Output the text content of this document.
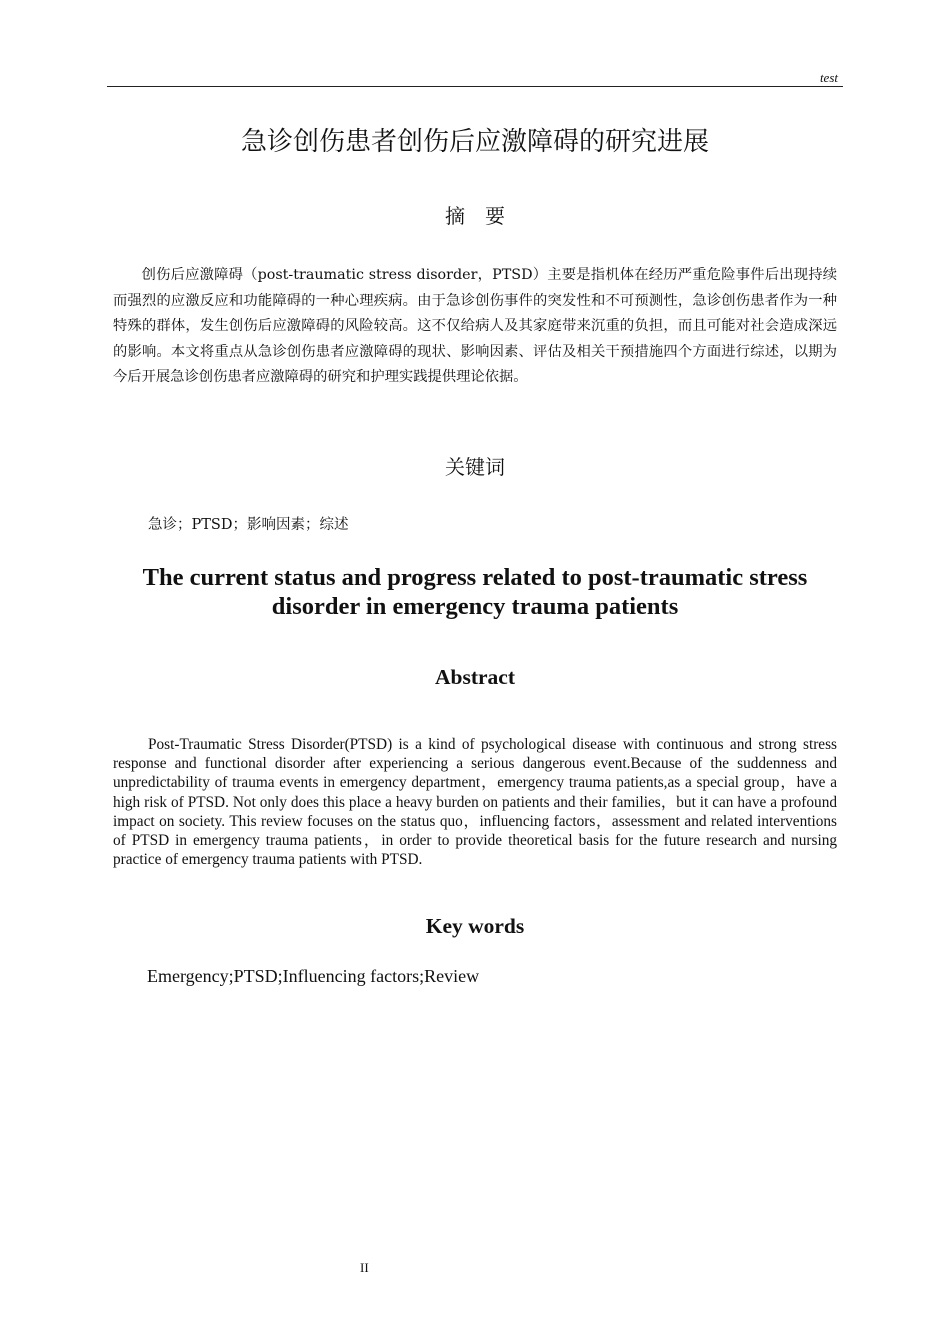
test
急诊创伤患者创伤后应激障碍的研究进展
摘　要

创伤后应激障碍（post-traumatic stress disorder，PTSD）主要是指机体在经历严重危险事件后出现持续而强烈的应激反应和功能障碍的一种心理疾病。由于急诊创伤事件的突发性和不可预测性，急诊创伤患者作为一种特殊的群体，发生创伤后应激障碍的风险较高。这不仅给病人及其家庭带来沉重的负担，而且可能对社会造成深远的影响。本文将重点从急诊创伤患者应激障碍的现状、影响因素、评估及相关干预措施四个方面进行综述，以期为今后开展急诊创伤患者应激障碍的研究和护理实践提供理论依据。

关键词
急诊；PTSD；影响因素；综述
The current status and progress related to post-traumatic stress disorder in emergency trauma patients
Abstract

Post-Traumatic Stress Disorder(PTSD) is a kind of psychological disease with continuous and strong stress response and functional disorder after experiencing a serious dangerous event.Because of the suddenness and unpredictability of trauma events in emergency department，emergency trauma patients,as a special group，have a high risk of PTSD. Not only does this place a heavy burden on patients and their families，but it can have a profound impact on society. This review focuses on the status quo，influencing factors，assessment and related interventions of PTSD in emergency trauma patients，in order to provide theoretical basis for the future research and nursing practice of emergency trauma patients with PTSD.

Key words
Emergency;PTSD;Influencing factors;Review
II
